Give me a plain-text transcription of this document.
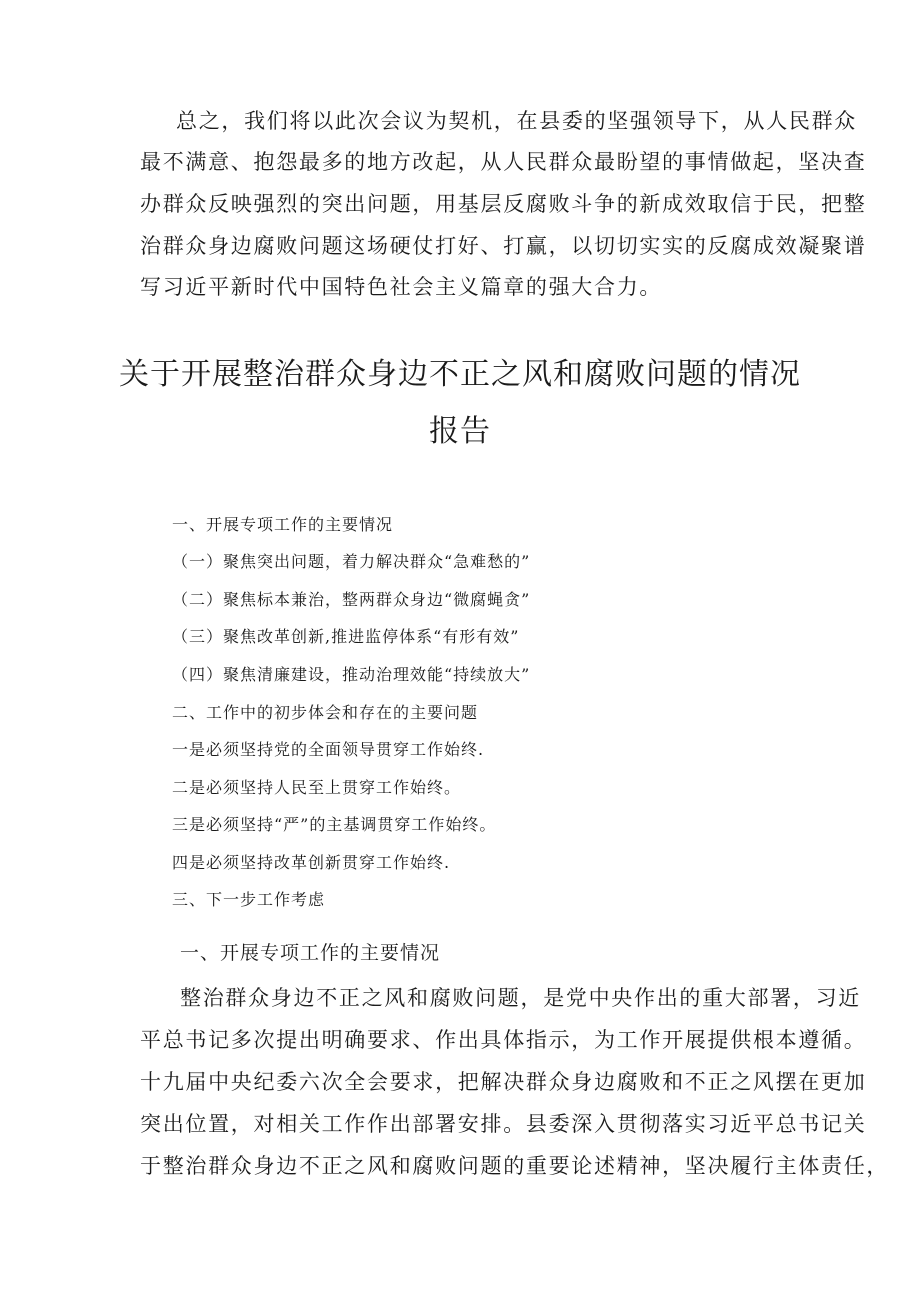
总之，我们将以此次会议为契机，在县委的坚强领导下，从人民群众
最不满意、抱怨最多的地方改起，从人民群众最盼望的事情做起，坚决查
办群众反映强烈的突出问题，用基层反腐败斗争的新成效取信于民，把整
治群众身边腐败问题这场硬仗打好、打赢，以切切实实的反腐成效凝聚谱
写习近平新时代中国特色社会主义篇章的强大合力。
关于开展整治群众身边不正之风和腐败问题的情况
报告
一、开展专项工作的主要情况
（一）聚焦突出问题，着力解决群众“急难愁的”
（二）聚焦标本兼治，整两群众身边“微腐蝇贪”
（三）聚焦改革创新,推进监停体系“有形有效”
（四）聚焦清廉建设，推动治理效能“持续放大”
二、工作中的初步体会和存在的主要问题
一是必须坚持党的全面领导贯穿工作始终.
二是必须坚持人民至上贯穿工作始终。
三是必须坚持“严”的主基调贯穿工作始终。
四是必须坚持改革创新贯穿工作始终.
三、下一步工作考虑
一、开展专项工作的主要情况
整治群众身边不正之风和腐败问题，是党中央作出的重大部署，习近
平总书记多次提出明确要求、作出具体指示，为工作开展提供根本遵循。
十九届中央纪委六次全会要求，把解决群众身边腐败和不正之风摆在更加
突出位置，对相关工作作出部署安排。县委深入贯彻落实习近平总书记关
于整治群众身边不正之风和腐败问题的重要论述精神，坚决履行主体责任，
